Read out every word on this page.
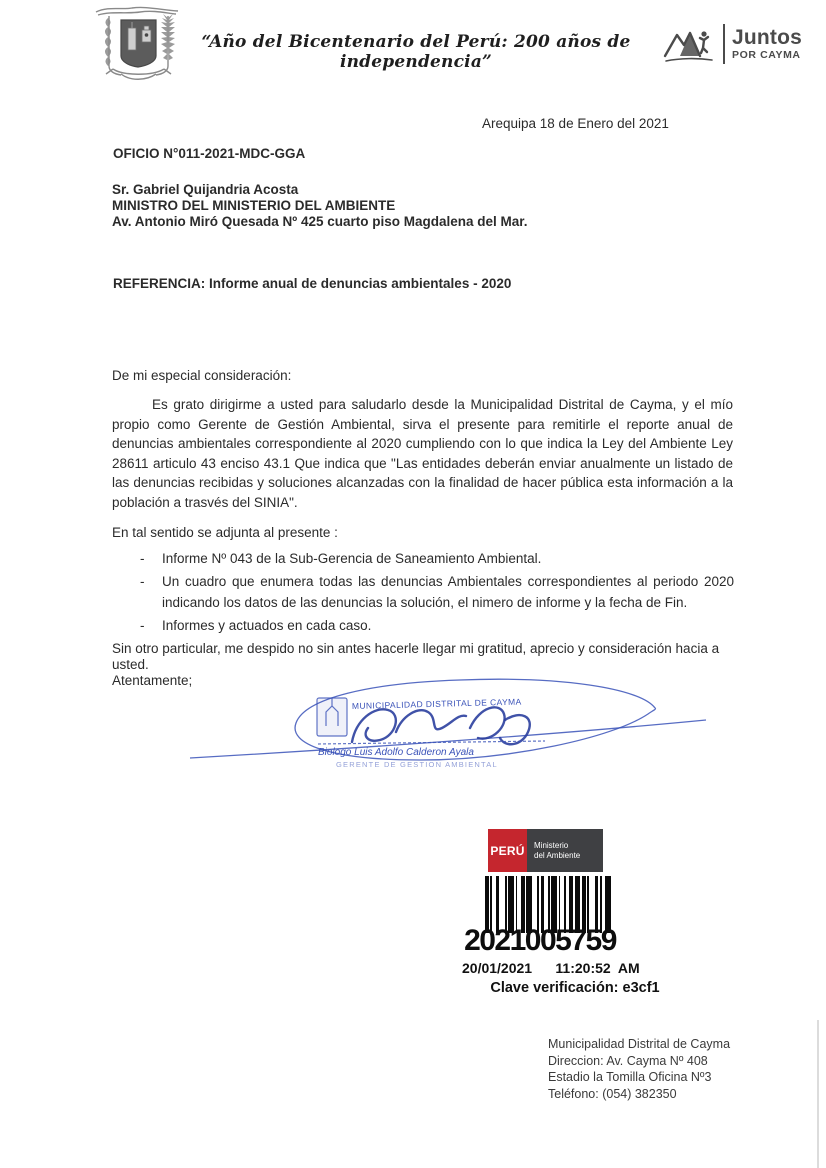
“Año del Bicentenario del Perú: 200 años de independencia”
Juntos
POR CAYMA
Arequipa 18 de Enero del 2021
OFICIO N°011-2021-MDC-GGA
Sr. Gabriel Quijandria Acosta
MINISTRO DEL MINISTERIO DEL AMBIENTE
Av. Antonio Miró Quesada Nº 425 cuarto piso Magdalena del Mar.
REFERENCIA: Informe anual de denuncias ambientales - 2020
De mi especial consideración:
Es grato dirigirme a usted para saludarlo desde la Municipalidad Distrital de Cayma, y el mío propio como Gerente de Gestión Ambiental, sirva el presente para remitirle el reporte anual de denuncias ambientales correspondiente al 2020 cumpliendo con lo que indica la Ley del Ambiente Ley 28611 articulo 43 enciso 43.1 Que indica que "Las entidades deberán enviar anualmente un listado de las denuncias recibidas y soluciones alcanzadas con la finalidad de hacer pública esta información a la población a trasvés del SINIA".
En tal sentido se adjunta al presente :
- Informe Nº 043 de la Sub-Gerencia de Saneamiento Ambiental.
- Un cuadro que enumera todas las denuncias Ambientales correspondientes al periodo 2020 indicando los datos de las denuncias la solución, el nimero de informe y la fecha de Fin.
- Informes y actuados en cada caso.
Sin otro particular, me despido no sin antes hacerle llegar mi gratitud, aprecio y consideración hacia a usted.
Atentamente;
MUNICIPALIDAD DISTRITAL DE CAYMA
Biologo Luis Adolfo Calderon Ayala
GERENTE DE GESTION AMBIENTAL
PERÚ	Ministerio
del Ambiente
2021005759
20/01/2021      11:20:52  AM
Clave verificación: e3cf1
Municipalidad Distrital de Cayma
Direccion: Av. Cayma Nº 408
Estadio la Tomilla Oficina Nº3
Teléfono: (054) 382350
